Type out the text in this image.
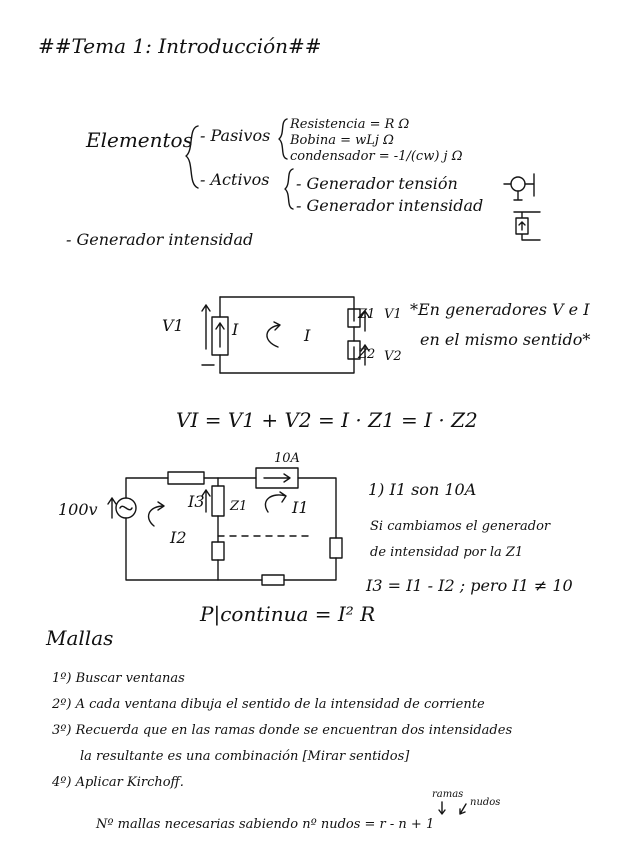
##Tema 1: Introducción##
Elementos - Pasivos
Resistencia = R Ω
Bobina = wLj Ω
condensador = -1/(cw) j Ω
- Activos - Generador tensión
- Generador intensidad
- Generador intensidad
V1	I	I
Z1 V1
Z2 V2
*En generadores V e I
en el mismo sentido*
VI = V1 + V2 = I · Z1 = I · Z2
10A
100v	I3 Z1	I1
I2
1) I1 son 10A
Si cambiamos el generador
de intensidad por la Z1
I3 = I1 - I2 ; pero I1 ≠ 10
P|continua = I² R
Mallas
1º) Buscar ventanas
2º) A cada ventana dibuja el sentido de la intensidad de corriente
3º) Recuerda que en las ramas donde se encuentran dos intensidades
la resultante es una combinación [Mirar sentidos]
4º) Aplicar Kirchoff.
ramas
nudos
Nº mallas necesarias sabiendo nº nudos = r - n + 1
